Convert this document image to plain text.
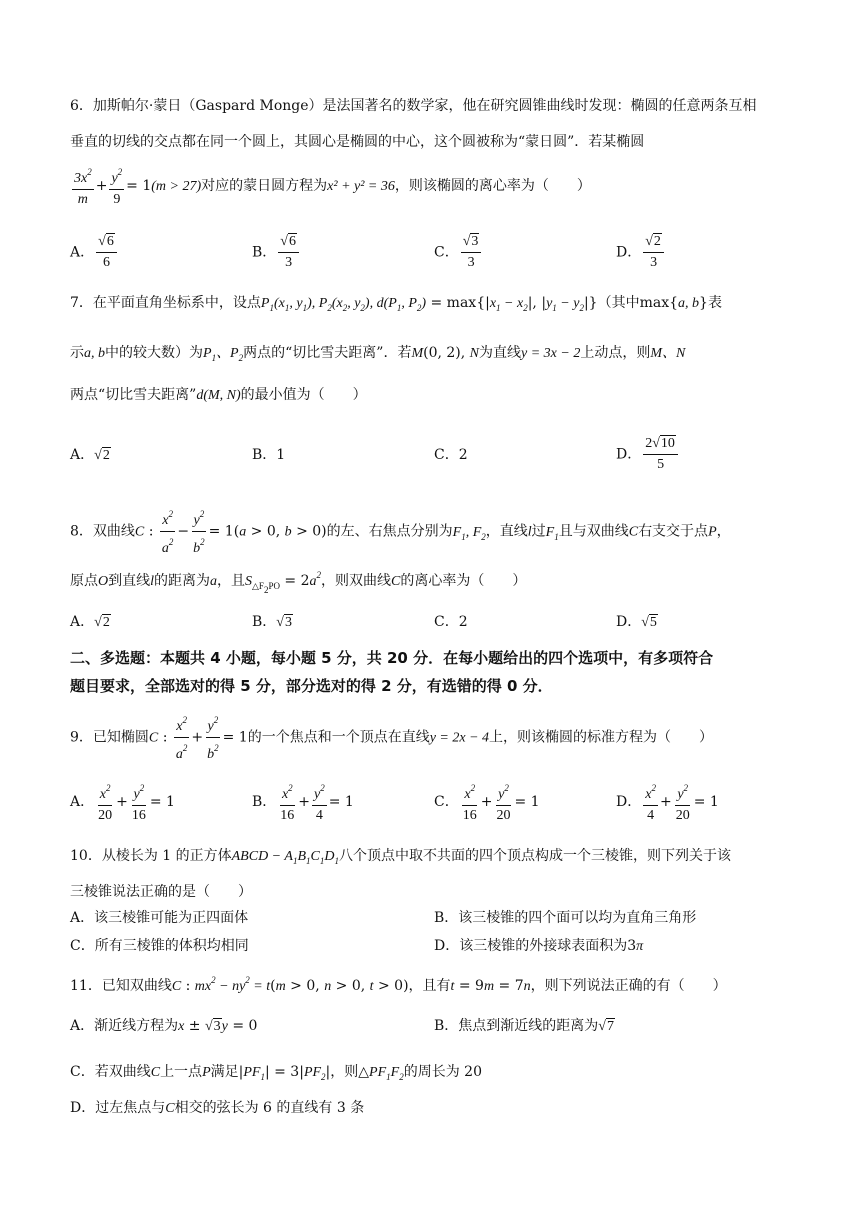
6．加斯帕尔·蒙日（Gaspard Monge）是法国著名的数学家，他在研究圆锥曲线时发现：椭圆的任意两条互相
垂直的切线的交点都在同一个圆上，其圆心是椭圆的中心，这个圆被称为“蒙日圆”．若某椭圆
$\frac{3x^2}{m} + \frac{y^2}{9} = 1(m > 27)$对应的蒙日圆方程为x² + y² = 36，则该椭圆的离心率为（　　）
A． $\frac{√6}{6}$	B． $\frac{√6}{3}$	C． $\frac{√3}{3}$	D． $\frac{√2}{3}$
7．在平面直角坐标系中，设点$P_1(x_1$, $y_1$), $P_2(x_2$, $y_2$), $d(P_1$, $P_2) = \max\{|x_1 - x_2|$, $|y_1 - y_2|$}（其中max{a, b}表
示a, b中的较大数）为$P_1$、$P_2$两点的“切比雪夫距离”．若M(0, 2), N为直线y = 3x − 2上动点，则M、N
两点“切比雪夫距离”d(M, N)的最小值为（　　）
A．√2	B．1	C．2	D． $\frac{2√10}{5}$
8．双曲线C : $\frac{x^2}{a^2} - \frac{y^2}{b^2} = 1(a > 0$, b > 0)的左、右焦点分别为$F_1$, $F_2$，直线l过$F_1$且与双曲线C右支交于点P，
原点O到直线l的距离为a，且$S_{\triangle F_2PO} = 2a^2$，则双曲线C的离心率为（　　）
A．√2	B．√3	C．2	D．√5
二、多选题：本题共 4 小题，每小题 5 分，共 20 分．在每小题给出的四个选项中，有多项符合
题目要求，全部选对的得 5 分，部分选对的得 2 分，有选错的得 0 分．
9．已知椭圆C : $\frac{x^2}{a^2} + \frac{y^2}{b^2} = 1$的一个焦点和一个顶点在直线y = 2x − 4上，则该椭圆的标准方程为（　　）
A． $\frac{x^2}{20} + \frac{y^2}{16} = 1$	B． $\frac{x^2}{16} + \frac{y^2}{4} = 1$	C． $\frac{x^2}{16} + \frac{y^2}{20} = 1$	D． $\frac{x^2}{4} + \frac{y^2}{20} = 1$
10．从棱长为 1 的正方体ABCD − $A_1B_1C_1D_1$八个顶点中取不共面的四个顶点构成一个三棱锥，则下列关于该
三棱锥说法正确的是（　　）
A．该三棱锥可能为正四面体	B．该三棱锥的四个面可以均为直角三角形
C．所有三棱锥的体积均相同	D．该三棱锥的外接球表面积为3π
11．已知双曲线C : $mx^2 - ny^2 = t(m > 0$, n > 0, t > 0)，且有t = 9m = 7n，则下列说法正确的有（　　）
A．渐近线方程为x ± √3y = 0	B．焦点到渐近线的距离为√7
C．若双曲线C上一点P满足$|PF_1| = 3|PF_2|$，则$\triangle PF_1F_2$的周长为 20
D．过左焦点与C相交的弦长为 6 的直线有 3 条
